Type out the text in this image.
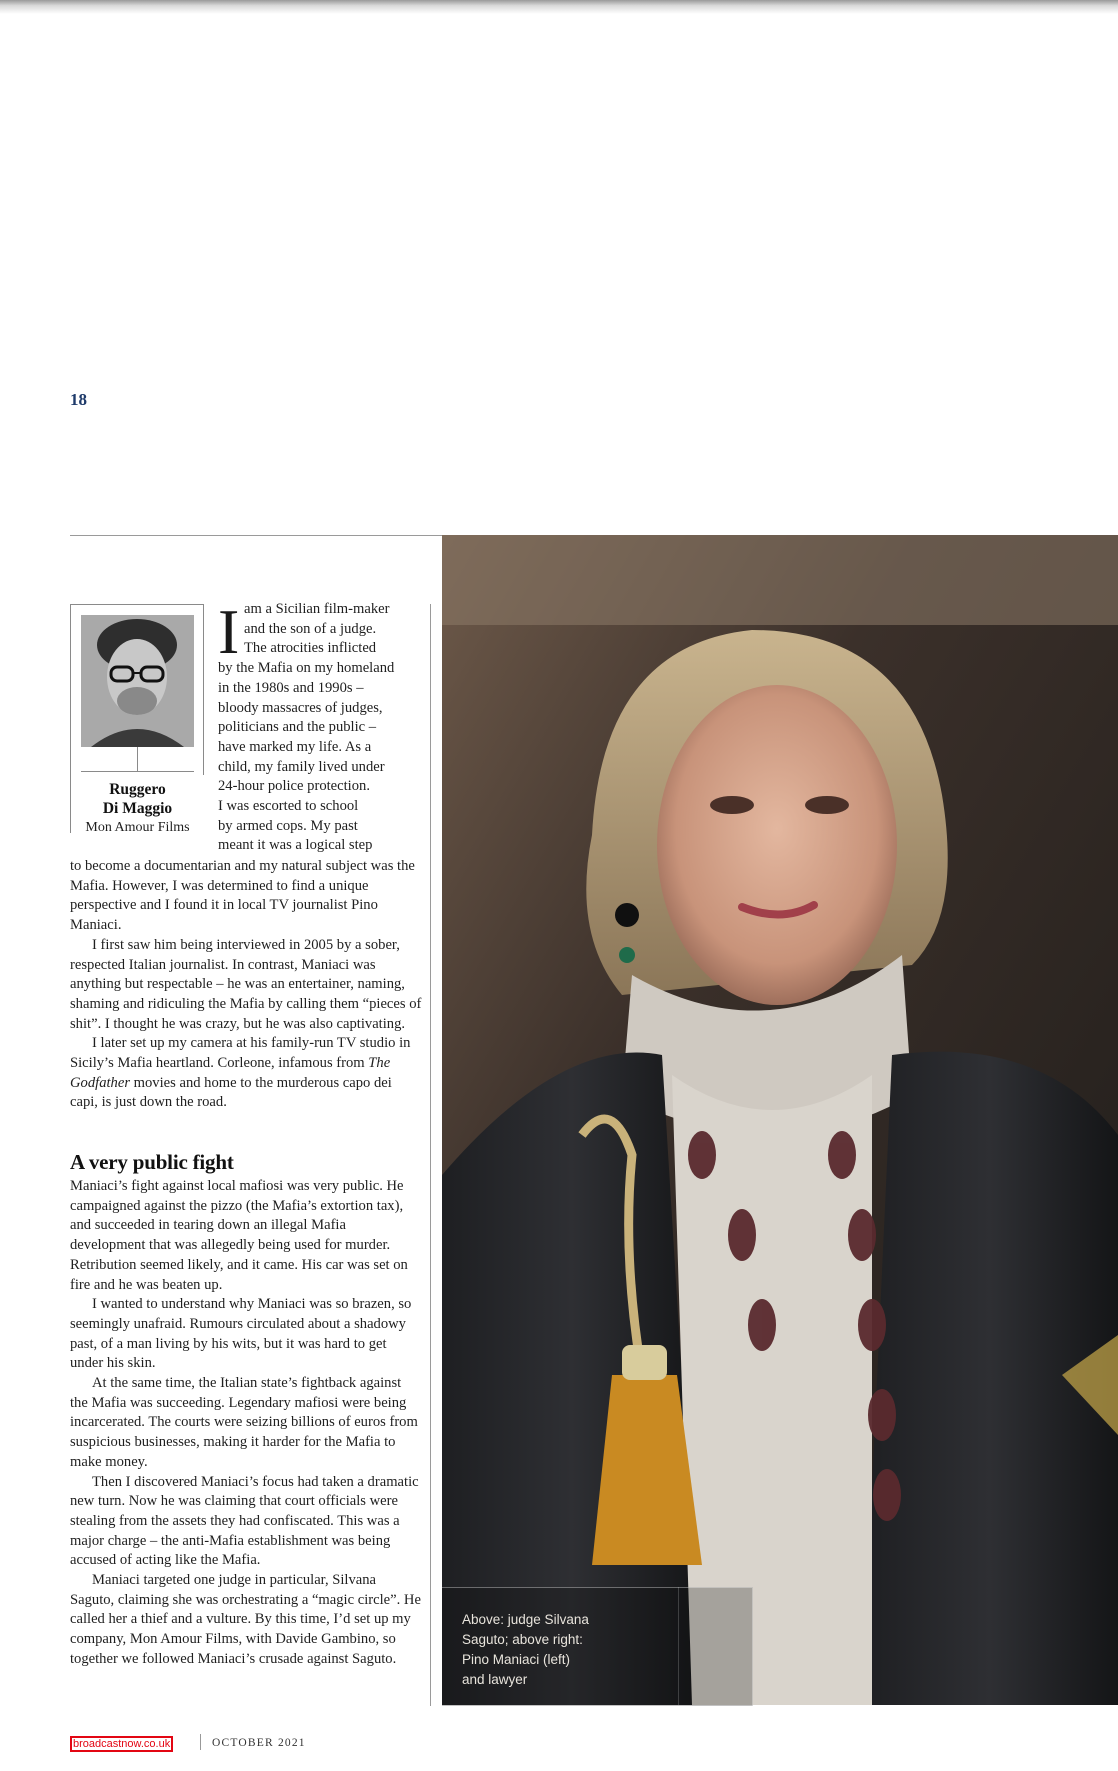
18
Ruggero
Di Maggio
Mon Amour Films
I am a Sicilian film-maker
and the son of a judge.
The atrocities inflicted
by the Mafia on my homeland
in the 1980s and 1990s –
bloody massacres of judges,
politicians and the public –
have marked my life. As a
child, my family lived under
24-hour police protection.
I was escorted to school
by armed cops. My past
meant it was a logical step

to become a documentarian and my natural subject was the Mafia. However, I was determined to find a unique perspective and I found it in local TV journalist Pino Maniaci.

I first saw him being interviewed in 2005 by a sober, respected Italian journalist. In contrast, Maniaci was anything but respectable – he was an entertainer, naming, shaming and ridiculing the Mafia by calling them “pieces of shit”. I thought he was crazy, but he was also captivating.

I later set up my camera at his family-run TV studio in Sicily’s Mafia heartland. Corleone, infamous from The Godfather movies and home to the murderous capo dei capi, is just down the road.

A very public fight

Maniaci’s fight against local mafiosi was very public. He campaigned against the pizzo (the Mafia’s extortion tax), and succeeded in tearing down an illegal Mafia development that was allegedly being used for murder. Retribution seemed likely, and it came. His car was set on fire and he was beaten up.

I wanted to understand why Maniaci was so brazen, so seemingly unafraid. Rumours circulated about a shadowy past, of a man living by his wits, but it was hard to get under his skin.

At the same time, the Italian state’s fightback against the Mafia was succeeding. Legendary mafiosi were being incarcerated. The courts were seizing billions of euros from suspicious businesses, making it harder for the Mafia to make money.

Then I discovered Maniaci’s focus had taken a dramatic new turn. Now he was claiming that court officials were stealing from the assets they had confiscated. This was a major charge – the anti-Mafia establishment was being accused of acting like the Mafia.

Maniaci targeted one judge in particular, Silvana Saguto, claiming she was orchestrating a “magic circle”. He called her a thief and a vulture. By this time, I’d set up my company, Mon Amour Films, with Davide Gambino, so together we followed Maniaci’s crusade against Saguto.

Above: judge Silvana
Saguto; above right:
Pino Maniaci (left)
and lawyer
broadcastnow.co.uk	OCTOBER 2021
